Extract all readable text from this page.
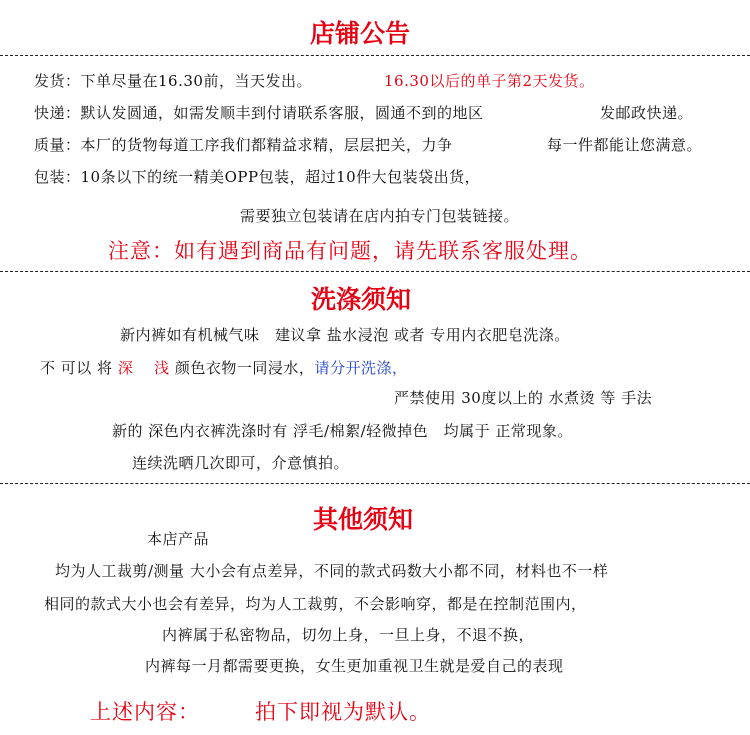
店铺公告
发货：下单尽量在16.30前，当天发出。	16.30以后的单子第2天发货。
快递：默认发圆通，如需发顺丰到付请联系客服，圆通不到的地区	发邮政快递。
质量：本厂的货物每道工序我们都精益求精，层层把关，力争	每一件都能让您满意。
包装：10条以下的统一精美OPP包装，超过10件大包装袋出货，
需要独立包装请在店内拍专门包装链接。
注意：如有遇到商品有问题，请先联系客服处理。
洗涤须知
新内裤如有机械气味　建议拿 盐水浸泡 或者 专用内衣肥皂洗涤。
不 可以 将 深　 浅 颜色衣物一同浸水，请分开洗涤，
严禁使用 30度以上的 水煮烫 等 手法
新的 深色内衣裤洗涤时有 浮毛/棉絮/轻微掉色　均属于 正常现象。
连续洗晒几次即可，介意慎拍。
其他须知
本店产品
均为人工裁剪/测量 大小会有点差异，不同的款式码数大小都不同，材料也不一样
相同的款式大小也会有差异，均为人工裁剪，不会影响穿，都是在控制范围内，
内裤属于私密物品，切勿上身，一旦上身，不退不换，
内裤每一月都需要更换，女生更加重视卫生就是爱自己的表现
上述内容：	拍下即视为默认。
